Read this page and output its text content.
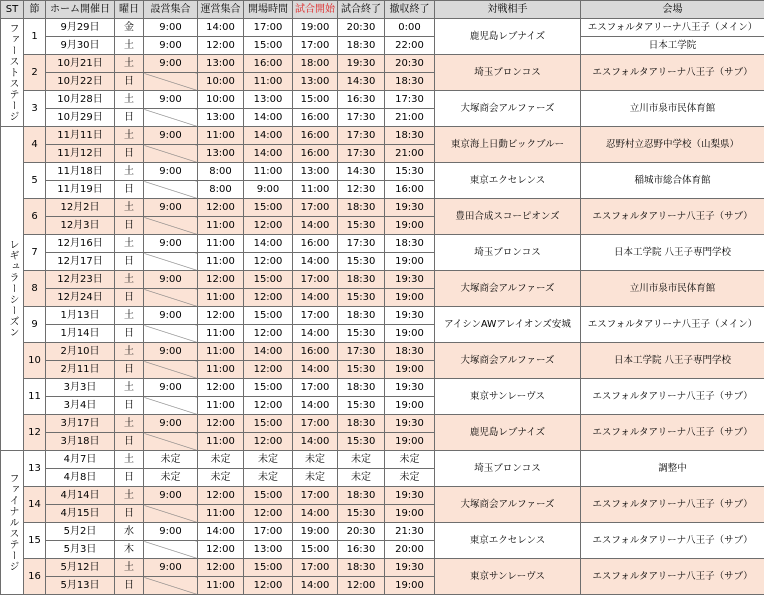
ST	節	ホーム開催日	曜日	設営集合	運営集合	開場時間	試合開始	試合終了	撤収終了	対戦相手	会場
ファーストステージ	1	9月29日	金	9:00	14:00	17:00	19:00	20:30	0:00	鹿児島レブナイズ	エスフォルタアリーナ八王子（メイン）
		9月30日	土	9:00	12:00	15:00	17:00	18:30	22:00		日本工学院
	2	10月21日	土	9:00	13:00	16:00	18:00	19:30	20:30	埼玉ブロンコス	エスフォルタアリーナ八王子（サブ）
		10月22日	日		10:00	11:00	13:00	14:30	18:30		
	3	10月28日	土	9:00	10:00	13:00	15:00	16:30	17:30	大塚商会アルファーズ	立川市泉市民体育館
		10月29日	日		13:00	14:00	16:00	17:30	21:00		
レギュラーシーズン	4	11月11日	土	9:00	11:00	14:00	16:00	17:30	18:30	東京海上日動ビックブルー	忍野村立忍野中学校（山梨県）
		11月12日	日		13:00	14:00	16:00	17:30	21:00		
	5	11月18日	土	9:00	8:00	11:00	13:00	14:30	15:30	東京エクセレンス	稲城市総合体育館
		11月19日	日		8:00	9:00	11:00	12:30	16:00		
	6	12月2日	土	9:00	12:00	15:00	17:00	18:30	19:30	豊田合成スコーピオンズ	エスフォルタアリーナ八王子（サブ）
		12月3日	日		11:00	12:00	14:00	15:30	19:00		
	7	12月16日	土	9:00	11:00	14:00	16:00	17:30	18:30	埼玉ブロンコス	日本工学院 八王子専門学校
		12月17日	日		11:00	12:00	14:00	15:30	19:00		
	8	12月23日	土	9:00	12:00	15:00	17:00	18:30	19:30	大塚商会アルファーズ	立川市泉市民体育館
		12月24日	日		11:00	12:00	14:00	15:30	19:00		
	9	1月13日	土	9:00	12:00	15:00	17:00	18:30	19:30	アイシンAWアレイオンズ安城	エスフォルタアリーナ八王子（メイン）
		1月14日	日		11:00	12:00	14:00	15:30	19:00		
	10	2月10日	土	9:00	11:00	14:00	16:00	17:30	18:30	大塚商会アルファーズ	日本工学院 八王子専門学校
		2月11日	日		11:00	12:00	14:00	15:30	19:00		
	11	3月3日	土	9:00	12:00	15:00	17:00	18:30	19:30	東京サンレーヴス	エスフォルタアリーナ八王子（サブ）
		3月4日	日		11:00	12:00	14:00	15:30	19:00		
	12	3月17日	土	9:00	12:00	15:00	17:00	18:30	19:30	鹿児島レブナイズ	エスフォルタアリーナ八王子（サブ）
		3月18日	日		11:00	12:00	14:00	15:30	19:00		
ファイナルステージ	13	4月7日	土	未定	未定	未定	未定	未定	未定	埼玉ブロンコス	調整中
		4月8日	日	未定	未定	未定	未定	未定	未定		
	14	4月14日	土	9:00	12:00	15:00	17:00	18:30	19:30	大塚商会アルファーズ	エスフォルタアリーナ八王子（サブ）
		4月15日	日		11:00	12:00	14:00	15:30	19:00		
	15	5月2日	水	9:00	14:00	17:00	19:00	20:30	21:30	東京エクセレンス	エスフォルタアリーナ八王子（サブ）
		5月3日	木		12:00	13:00	15:00	16:30	20:00		
	16	5月12日	土	9:00	12:00	15:00	17:00	18:30	19:30	東京サンレーヴス	エスフォルタアリーナ八王子（サブ）
		5月13日	日		11:00	12:00	14:00	12:00	19:00		
